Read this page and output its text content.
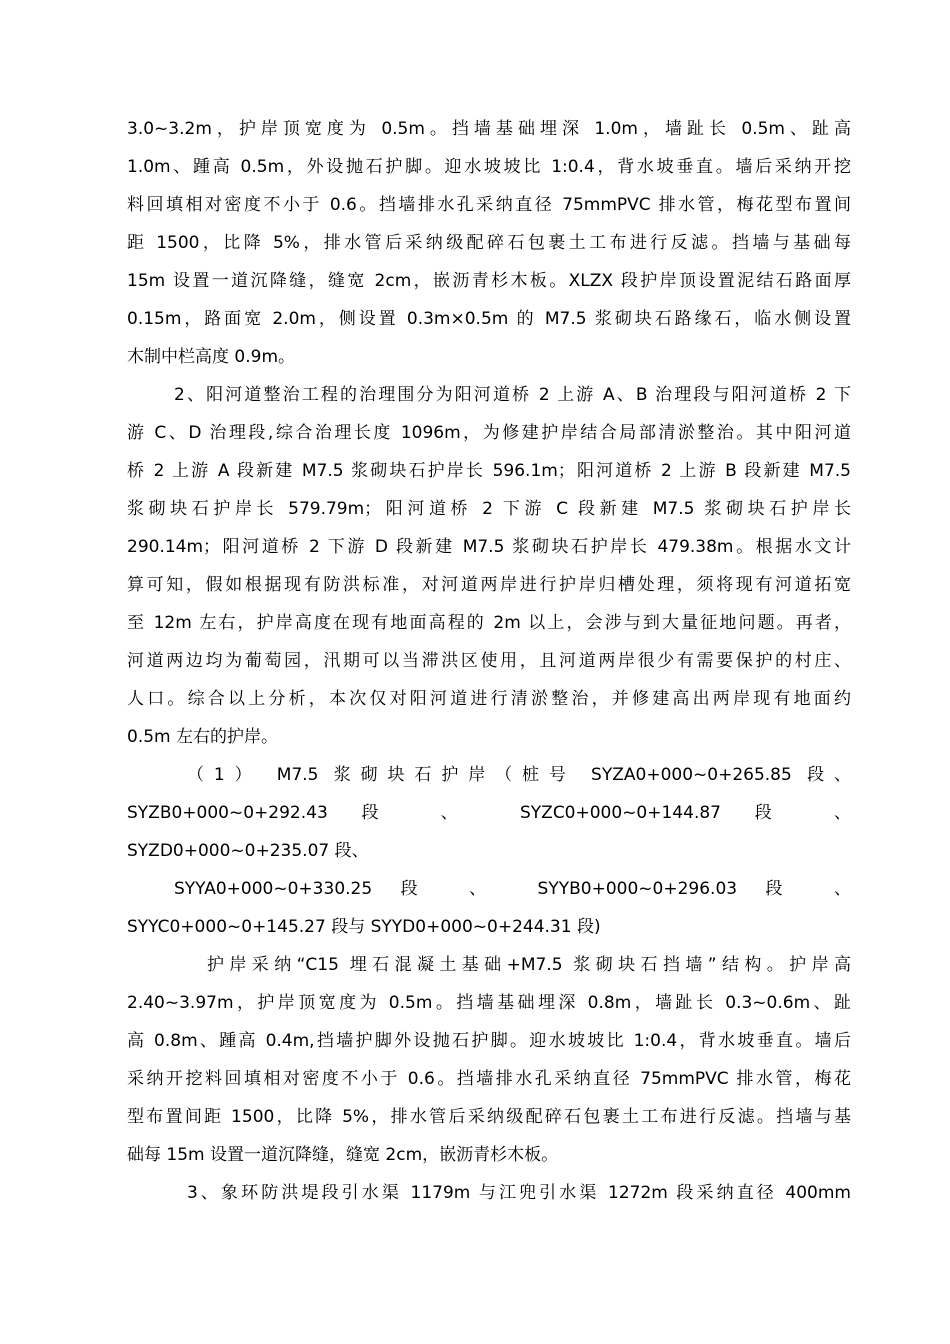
3.0~3.2m，护岸顶宽度为 0.5m。挡墙基础埋深 1.0m，墙趾长 0.5m、趾高

1.0m、踵高 0.5m，外设抛石护脚。迎水坡坡比 1:0.4，背水坡垂直。墙后采纳开挖

料回填相对密度不小于 0.6。挡墙排水孔采纳直径 75mmPVC 排水管，梅花型布置间

距 1500，比降 5%，排水管后采纳级配碎石包裹土工布进行反滤。挡墙与基础每

15m 设置一道沉降缝，缝宽 2cm，嵌沥青杉木板。XLZX 段护岸顶设置泥结石路面厚

0.15m，路面宽 2.0m，侧设置 0.3m×0.5m 的 M7.5 浆砌块石路缘石，临水侧设置

木制中栏高度 0.9m。

2、阳河道整治工程的治理围分为阳河道桥 2 上游 A、B 治理段与阳河道桥 2 下

游 C、D 治理段,综合治理长度 1096m，为修建护岸结合局部清淤整治。其中阳河道

桥 2 上游 A 段新建 M7.5 浆砌块石护岸长 596.1m；阳河道桥 2 上游 B 段新建 M7.5

浆砌块石护岸长 579.79m；阳河道桥 2 下游 C 段新建 M7.5 浆砌块石护岸长

290.14m；阳河道桥 2 下游 D 段新建 M7.5 浆砌块石护岸长 479.38m。根据水文计

算可知，假如根据现有防洪标准，对河道两岸进行护岸归槽处理，须将现有河道拓宽

至 12m 左右，护岸高度在现有地面高程的 2m 以上，会涉与到大量征地问题。再者，

河道两边均为葡萄园，汛期可以当滞洪区使用，且河道两岸很少有需要保护的村庄、

人口。综合以上分析，本次仅对阳河道进行清淤整治，并修建高出两岸现有地面约

0.5m 左右的护岸。

（1） M7.5 浆砌块石护岸（桩号 SYZA0+000~0+265.85 段、

SYZB0+000~0+292.43 段 、 SYZC0+000~0+144.87 段 、

SYZD0+000~0+235.07 段、

SYYA0+000~0+330.25 段 、 SYYB0+000~0+296.03 段 、

SYYC0+000~0+145.27 段与 SYYD0+000~0+244.31 段)

护岸采纳“C15 埋石混凝土基础+M7.5 浆砌块石挡墙”结构。护岸高

2.40~3.97m，护岸顶宽度为 0.5m。挡墙基础埋深 0.8m，墙趾长 0.3~0.6m、趾

高 0.8m、踵高 0.4m,挡墙护脚外设抛石护脚。迎水坡坡比 1:0.4，背水坡垂直。墙后

采纳开挖料回填相对密度不小于 0.6。挡墙排水孔采纳直径 75mmPVC 排水管，梅花

型布置间距 1500，比降 5%，排水管后采纳级配碎石包裹土工布进行反滤。挡墙与基

础每 15m 设置一道沉降缝，缝宽 2cm，嵌沥青杉木板。

3、象环防洪堤段引水渠 1179m 与江兜引水渠 1272m 段采纳直径 400mm
